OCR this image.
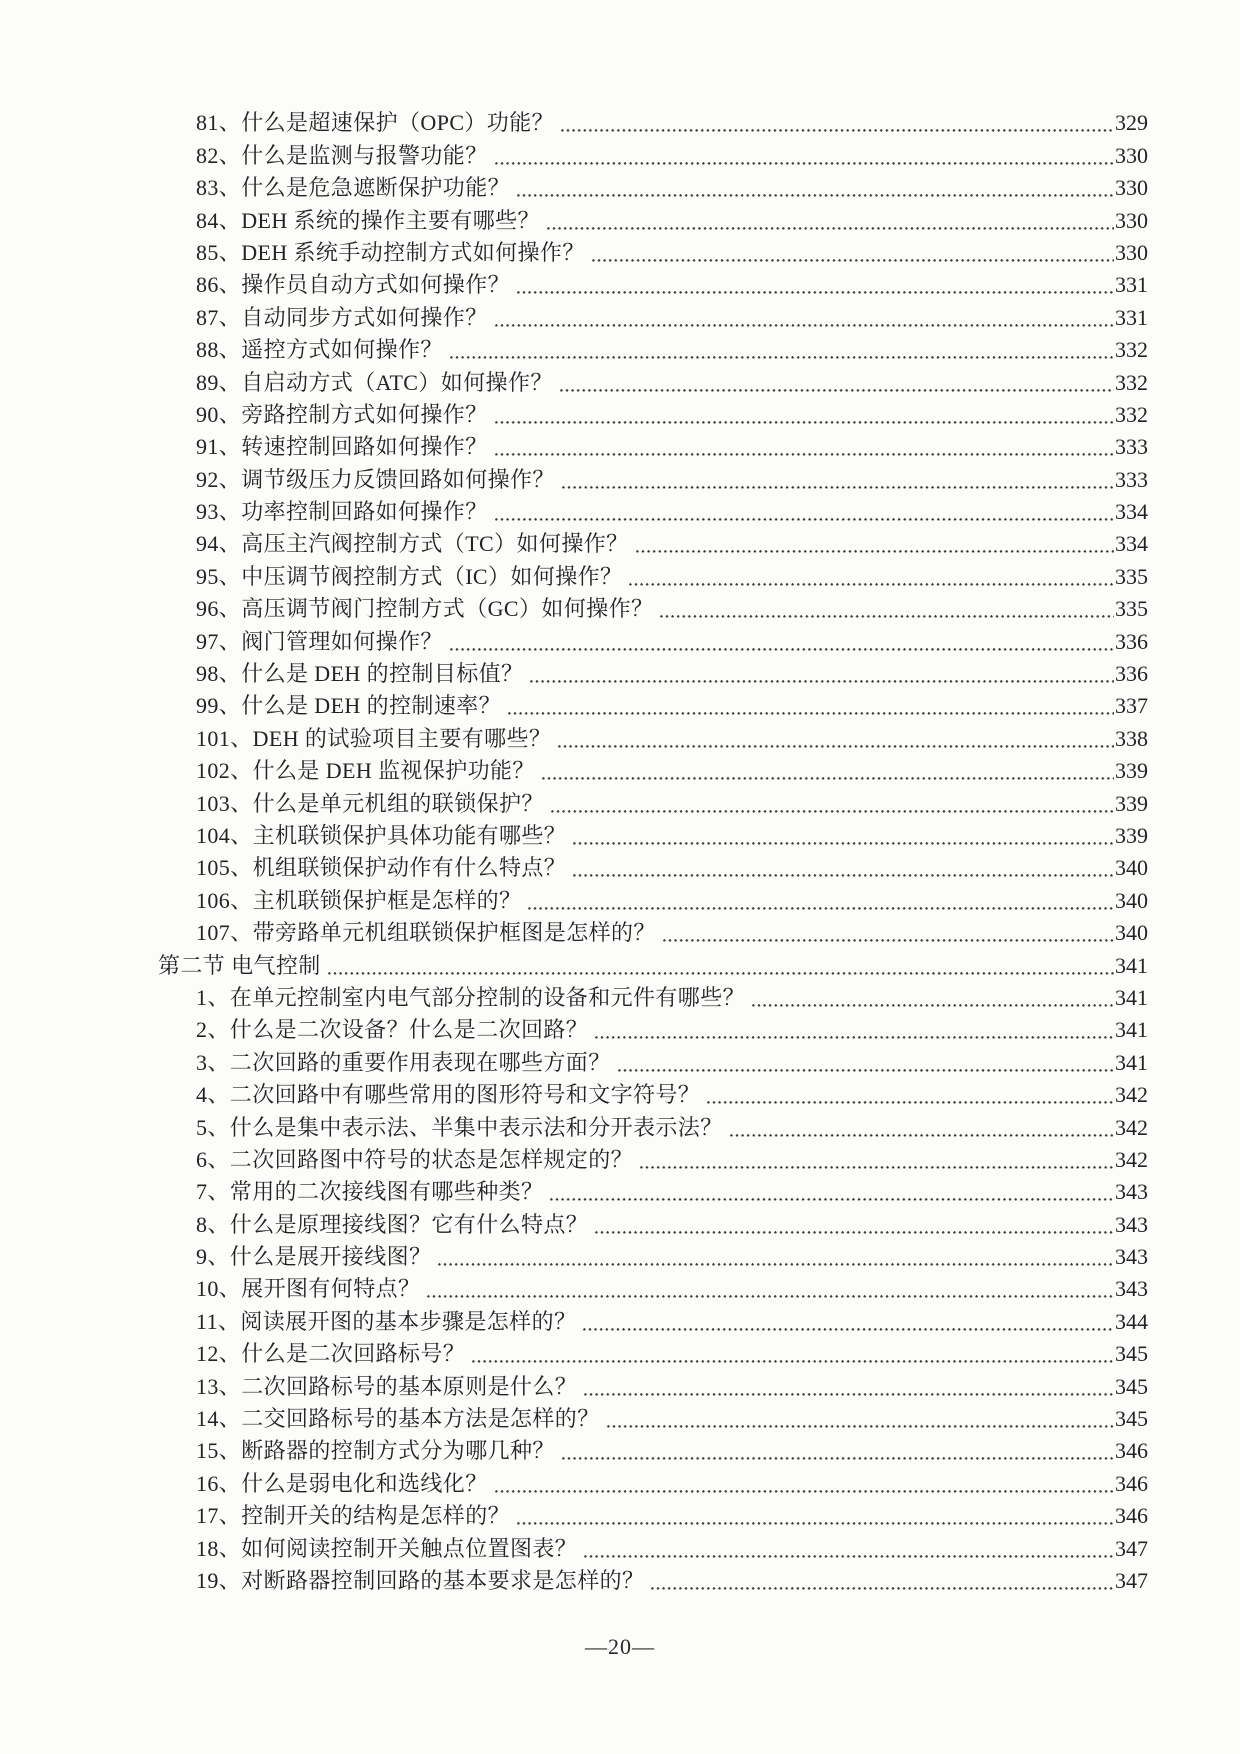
81、什么是超速保护（OPC）功能？	329
82、什么是监测与报警功能？	330
83、什么是危急遮断保护功能？	330
84、DEH 系统的操作主要有哪些？	330
85、DEH 系统手动控制方式如何操作？	330
86、操作员自动方式如何操作？	331
87、自动同步方式如何操作？	331
88、遥控方式如何操作？	332
89、自启动方式（ATC）如何操作？	332
90、旁路控制方式如何操作？	332
91、转速控制回路如何操作？	333
92、调节级压力反馈回路如何操作？	333
93、功率控制回路如何操作？	334
94、高压主汽阀控制方式（TC）如何操作？	334
95、中压调节阀控制方式（IC）如何操作？	335
96、高压调节阀门控制方式（GC）如何操作？	335
97、阀门管理如何操作？	336
98、什么是 DEH 的控制目标值？	336
99、什么是 DEH 的控制速率？	337
101、DEH 的试验项目主要有哪些？	338
102、什么是 DEH 监视保护功能？	339
103、什么是单元机组的联锁保护？	339
104、主机联锁保护具体功能有哪些？	339
105、机组联锁保护动作有什么特点？	340
106、主机联锁保护框是怎样的？	340
107、带旁路单元机组联锁保护框图是怎样的？	340
第二节 电气控制	341
1、在单元控制室内电气部分控制的设备和元件有哪些？	341
2、什么是二次设备？什么是二次回路？	341
3、二次回路的重要作用表现在哪些方面？	341
4、二次回路中有哪些常用的图形符号和文字符号？	342
5、什么是集中表示法、半集中表示法和分开表示法？	342
6、二次回路图中符号的状态是怎样规定的？	342
7、常用的二次接线图有哪些种类？	343
8、什么是原理接线图？它有什么特点？	343
9、什么是展开接线图？	343
10、展开图有何特点？	343
11、阅读展开图的基本步骤是怎样的？	344
12、什么是二次回路标号？	345
13、二次回路标号的基本原则是什么？	345
14、二交回路标号的基本方法是怎样的？	345
15、断路器的控制方式分为哪几种？	346
16、什么是弱电化和选线化？	346
17、控制开关的结构是怎样的？	346
18、如何阅读控制开关触点位置图表？	347
19、对断路器控制回路的基本要求是怎样的？	347
—20—
